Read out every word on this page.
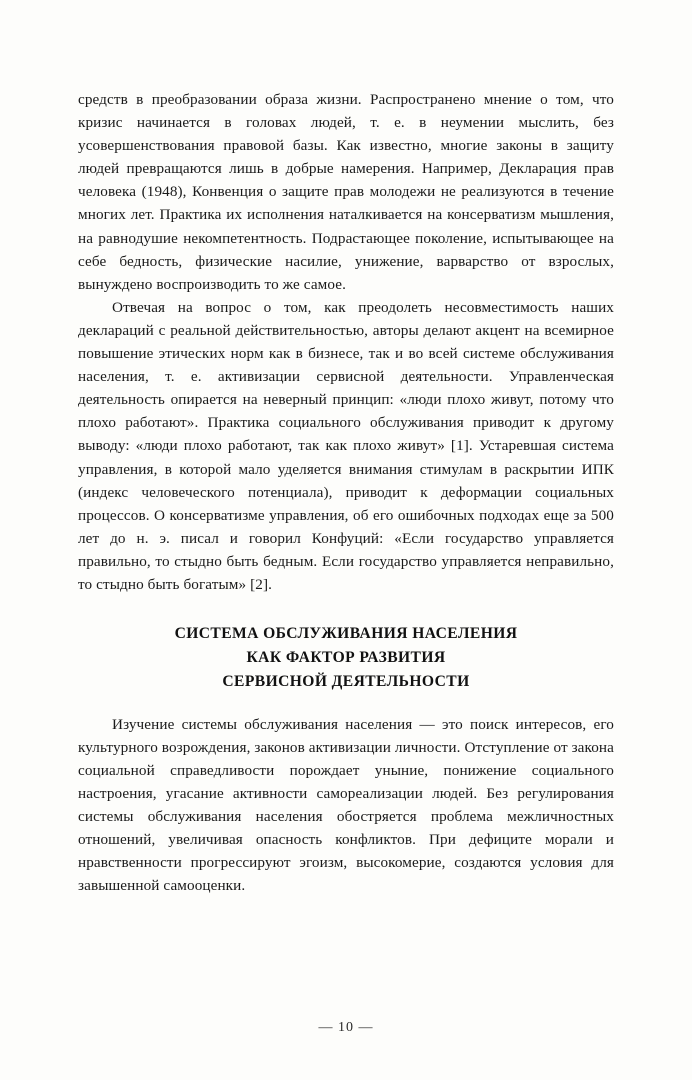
средств в преобразовании образа жизни. Распространено мнение о том, что кризис начинается в головах людей, т. е. в неумении мыслить, без усовершенствования правовой базы. Как известно, многие законы в защиту людей превращаются лишь в добрые намерения. Например, Декларация прав человека (1948), Конвенция о защите прав молодежи не реализуются в течение многих лет. Практика их исполнения наталкивается на консерватизм мышления, на равнодушие некомпетентность. Подрастающее поколение, испытывающее на себе бедность, физические насилие, унижение, варварство от взрослых, вынуждено воспроизводить то же самое.

Отвечая на вопрос о том, как преодолеть несовместимость наших деклараций с реальной действительностью, авторы делают акцент на всемирное повышение этических норм как в бизнесе, так и во всей системе обслуживания населения, т. е. активизации сервисной деятельности. Управленческая деятельность опирается на неверный принцип: «люди плохо живут, потому что плохо работают». Практика социального обслуживания приводит к другому выводу: «люди плохо работают, так как плохо живут» [1]. Устаревшая система управления, в которой мало уделяется внимания стимулам в раскрытии ИПК (индекс человеческого потенциала), приводит к деформации социальных процессов. О консерватизме управления, об его ошибочных подходах еще за 500 лет до н. э. писал и говорил Конфуций: «Если государство управляется правильно, то стыдно быть бедным. Если государство управляется неправильно, то стыдно быть богатым» [2].

СИСТЕМА ОБСЛУЖИВАНИЯ НАСЕЛЕНИЯ
КАК ФАКТОР РАЗВИТИЯ
СЕРВИСНОЙ ДЕЯТЕЛЬНОСТИ

Изучение системы обслуживания населения — это поиск интересов, его культурного возрождения, законов активизации личности. Отступление от закона социальной справедливости порождает уныние, понижение социального настроения, угасание активности самореализации людей. Без регулирования системы обслуживания населения обостряется проблема межличностных отношений, увеличивая опасность конфликтов. При дефиците морали и нравственности прогрессируют эгоизм, высокомерие, создаются условия для завышенной самооценки.

— 10 —
